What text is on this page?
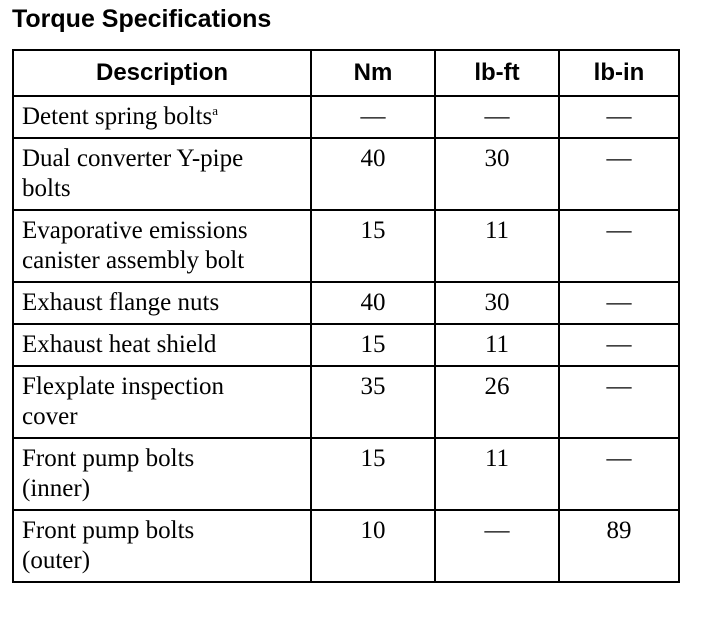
Torque Specifications
Description	Nm	lb-ft	lb-in
Detent spring bolts$^a$	—	—	—
Dual converter Y-pipe
bolts	40	30	—
Evaporative emissions
canister assembly bolt	15	11	—
Exhaust flange nuts	40	30	—
Exhaust heat shield	15	11	—
Flexplate inspection
cover	35	26	—
Front pump bolts
(inner)	15	11	—
Front pump bolts
(outer)	10	—	89
